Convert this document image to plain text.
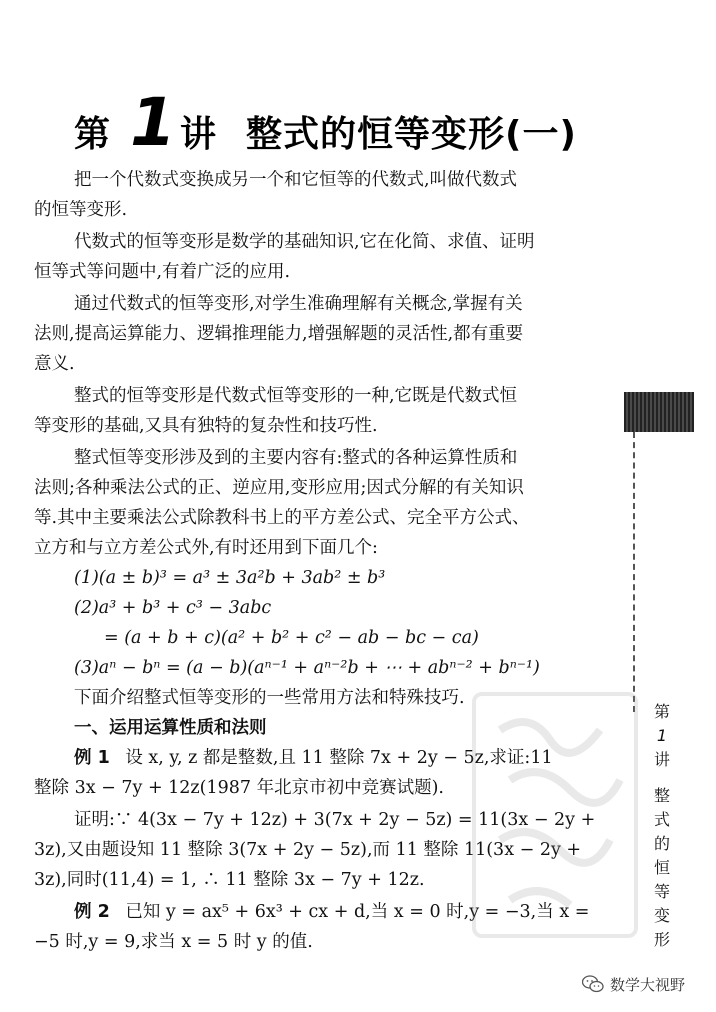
第 1 讲 整式的恒等变形(一)
把一个代数式变换成另一个和它恒等的代数式,叫做代数式
的恒等变形.
代数式的恒等变形是数学的基础知识,它在化简、求值、证明
恒等式等问题中,有着广泛的应用.
通过代数式的恒等变形,对学生准确理解有关概念,掌握有关
法则,提高运算能力、逻辑推理能力,增强解题的灵活性,都有重要
意义.
整式的恒等变形是代数式恒等变形的一种,它既是代数式恒
等变形的基础,又具有独特的复杂性和技巧性.
整式恒等变形涉及到的主要内容有:整式的各种运算性质和
法则;各种乘法公式的正、逆应用,变形应用;因式分解的有关知识
等.其中主要乘法公式除教科书上的平方差公式、完全平方公式、
立方和与立方差公式外,有时还用到下面几个:
(1)(a ± b)³ = a³ ± 3a²b + 3ab² ± b³
(2)a³ + b³ + c³ − 3abc
= (a + b + c)(a² + b² + c² − ab − bc − ca)
(3)aⁿ − bⁿ = (a − b)(aⁿ⁻¹ + aⁿ⁻²b + ⋯ + abⁿ⁻² + bⁿ⁻¹)
下面介绍整式恒等变形的一些常用方法和特殊技巧.
一、运用运算性质和法则
例 1 设 x, y, z 都是整数,且 11 整除 7x + 2y − 5z,求证:11
整除 3x − 7y + 12z(1987 年北京市初中竞赛试题).
证明:∵ 4(3x − 7y + 12z) + 3(7x + 2y − 5z) = 11(3x − 2y +
3z),又由题设知 11 整除 3(7x + 2y − 5z),而 11 整除 11(3x − 2y +
3z),同时(11,4) = 1, ∴ 11 整除 3x − 7y + 12z.
例 2 已知 y = ax⁵ + 6x³ + cx + d,当 x = 0 时,y = −3,当 x =
−5 时,y = 9,求当 x = 5 时 y 的值.
第
1
讲
整
式
的
恒
等
变
形
数学大视野
